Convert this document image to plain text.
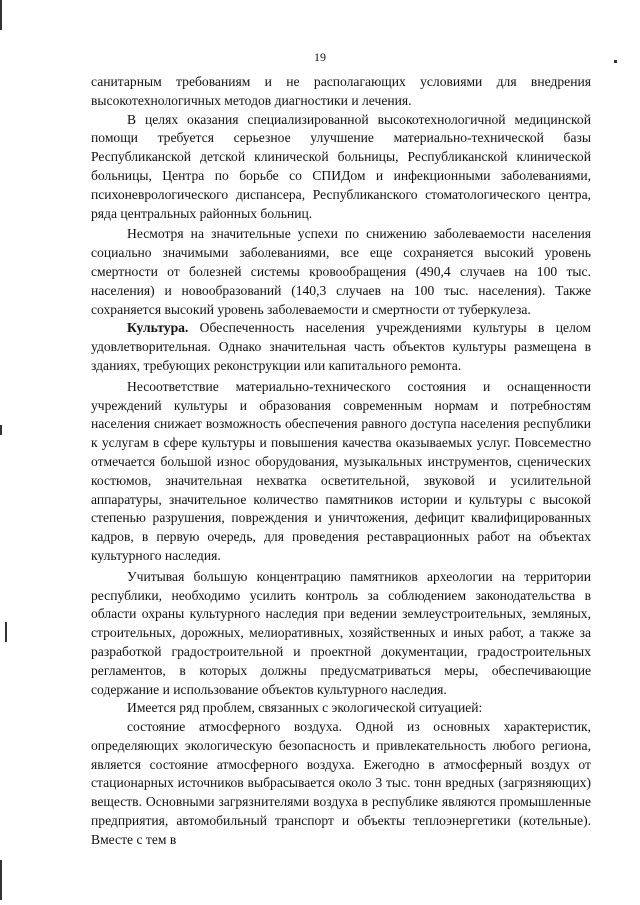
19

санитарным требованиям и не располагающих условиями для внедрения высокотехнологичных методов диагностики и лечения.

В целях оказания специализированной высокотехнологичной медицинской помощи требуется серьезное улучшение материально-технической базы Республиканской детской клинической больницы, Республиканской клинической больницы, Центра по борьбе со СПИДом и инфекционными заболеваниями, психоневрологического диспансера, Республиканского стоматологического центра, ряда центральных районных больниц.

Несмотря на значительные успехи по снижению заболеваемости населения социально значимыми заболеваниями, все еще сохраняется высокий уровень смертности от болезней системы кровообращения (490,4 случаев на 100 тыс. населения) и новообразований (140,3 случаев на 100 тыс. населения). Также сохраняется высокий уровень заболеваемости и смертности от туберкулеза.

Культура. Обеспеченность населения учреждениями культуры в целом удовлетворительная. Однако значительная часть объектов культуры размещена в зданиях, требующих реконструкции или капитального ремонта.

Несоответствие материально-технического состояния и оснащенности учреждений культуры и образования современным нормам и потребностям населения снижает возможность обеспечения равного доступа населения республики к услугам в сфере культуры и повышения качества оказываемых услуг. Повсеместно отмечается большой износ оборудования, музыкальных инструментов, сценических костюмов, значительная нехватка осветительной, звуковой и усилительной аппаратуры, значительное количество памятников истории и культуры с высокой степенью разрушения, повреждения и уничтожения, дефицит квалифицированных кадров, в первую очередь, для проведения реставрационных работ на объектах культурного наследия.

Учитывая большую концентрацию памятников археологии на территории республики, необходимо усилить контроль за соблюдением законодательства в области охраны культурного наследия при ведении землеустроительных, земляных, строительных, дорожных, мелиоративных, хозяйственных и иных работ, а также за разработкой градостроительной и проектной документации, градостроительных регламентов, в которых должны предусматриваться меры, обеспечивающие содержание и использование объектов культурного наследия.

Имеется ряд проблем, связанных с экологической ситуацией:

состояние атмосферного воздуха. Одной из основных характеристик, определяющих экологическую безопасность и привлекательность любого региона, является состояние атмосферного воздуха. Ежегодно в атмосферный воздух от стационарных источников выбрасывается около 3 тыс. тонн вредных (загрязняющих) веществ. Основными загрязнителями воздуха в республике являются промышленные предприятия, автомобильный транспорт и объекты теплоэнергетики (котельные). Вместе с тем в
